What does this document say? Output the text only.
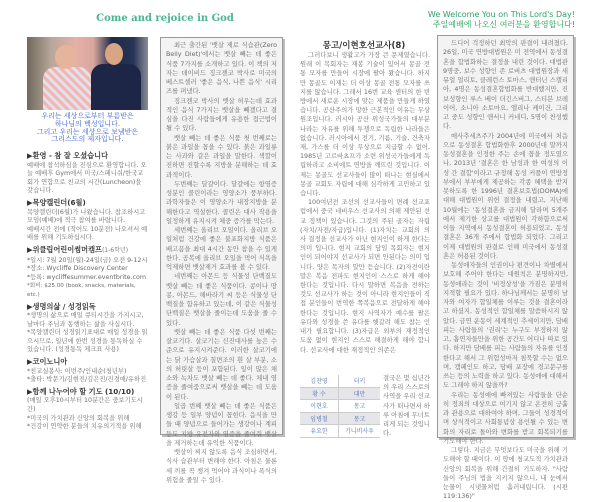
Come and rejoice in God	We Welcome You on This Lord's Day!
주일예배에 나오신 여러분을 환영합니다!
우리는 세상으로부터 부름받은
하나님의 백성입니다.
그리고 우리는 세상으로 보냄받은
그리스도의 제자입니다.
▶환영 - 참 잘 오셨습니다

예배에 참석하심을 진심으로 환영합니다. 오늘 예배후 Gym에서 미국/스페니쉬/한국교회가 연합으로 친교의 시간(Luncheon)을 갖습니다.

▶목양캘린더(6월)

목양캘린더(6월)가 나왔습니다. 참조하시고 모임(예배)에 적극 참여를 바랍니다.

예배시간 전에 (적어도 10분전) 나오셔서 예배를 위해 기도하십시다.

▶위클립어린이썸머캠프(1-6학년)

*일시: 7월 20일(월)-24일(금) 오전 9-12시

*장소: Wycliffe Discovery Center

*등록: wycliffesummer.eventbrite.com

*회비: $25.00 (book, snacks, materials, etc.)

▶생명의삶 / 성경읽독

*생명의 삶으로 매일 큐티시간을 가지시고, 날마다 주님과 동행하는 삶을 사십시다.

*목양캘린더 성경읽기표대로 매일 성경을 읽으시므로, 일년에 한번 성경을 통독하실 수 있습니다. (성경통독 체크표 사용)

▶코이노니아

*친교실봉사: 이번주/인내순(청년부)

*출타: 박문기/김현진/김은진/진경애/유하진

▶함께 나누어야 할 기도 (10/10)

(매일 오후10시부터 10분간은 중보기도시간)

*미국의 가치관과 신앙의 회복을 위해

*건강이 연약한 분들의 치유의기적을 위해

최근 출간된 '뱃살 제로 식습관(Zero Belly Diet)'에서는 뱃살 빼는 데 좋은 식품 7가지를 소개하고 있다. 이 책의 저자는 데이비드 징크젠코 박사로 미국의 베스트셀러 '좋은 음식, 나쁜 음식' 시리즈를 펴냈다.

징크젠코 박사의 뱃살 허우는데 효과적인 음식 7가지는 뱃살을 빼겠다고 결심을 다진 사람들에게 유용한 접근법이 될 수 있다.

뱃살 빼는 데 좋은 식품 첫 번째로는 붉은 과일을 꼽을 수 있다. 붉은 과일류는 사과와 같은 과일을 말한다. 색깔이 진하면 진할수록 지방을 분해하는 데 효과적이다.

두번째는 달걀이다. 달걀에는 항염증 성분인 콜린이라는 영양소가 풍부하다. 과학자들은 이 영양소가 내장지방을 분해한다고 역설한다. 콜린은 대사 작용을 일정하게 유지시켜 체중 증가를 막는다.

세번째는 올리브 오일이다. 올리브 오일처럼 건강에 좋은 불포화지방 식품은 배고픔을 최대 4시간 동안 참을 수 있게 한다. 공복에 올리브 오일을 먹어 식욕을 억제하면 뱃살제거 효과를 볼 수 있다.

네번째는 아몬드 등 식물성 단백질도 뱃살 빼는 데 좋은 식품이다. 콩이나 땅콩, 아몬드, 해바라기 씨 등은 식물성 단백질을 함유하고 있는데, 이 같은 식물성 단백질은 뱃살을 줄이는데 도움을 줄 수 있다.

뱃살 빼는 데 좋은 식품 다섯 번째는 살코기다. 살코기는 신진대사를 높은 수준으로 유지시켜준다. 이러한 살코기에는 닭 가슴살과 칠면조의 흰 살 부분, 소의 허릿살 등이 포함된다. 잎이 많은 채소와 녹차도 뱃살 빼는 데 좋다. 체내 염증을 줄여줌으로써 뱃살을 빼는 데 도움이 된다.

일곱 번째 뱃살 빼는 데 좋은 식품은 생강 등 일부 양념이 꼽힌다. 음식을 만들 때 양념으로 들어가는 생강이나 계피 등도 지방 유전자와 염증을 줄여줘 뱃살을 제거하는데 유익한 식품이다.

뱃살이 찌지 않도록 음식 조심하면서, 식사 습관부터 변해야 한다. 아침은 물론 세 끼를 꼭 챙겨 먹어야 과식이나 폭식의 위험을 줄일 수 있다.

몽고/이현호선교사(8)

그러다보니 생활고가 가장 큰 문제였습니다. 원래 이 목회자는 재봉 기술이 있어서 몽골 전통 모자를 만들어 시장에 팔아 왔습니다. 하지만 몽골도 이제는 더 이상 몽골 전통 모자를 쓰지를 않습니다. 그래서 16번 교육 센터의 한 빈 방에서 새로운 시장에 맞는 제품을 만들게 하였습니다. 공산주의가 망한 근본적인 이유는 무상원조입니다. 러시아 공산 위성국가들의 대부분 나라는 자유를 위해 투쟁으로 독립한 나라들은 없습니다. 러시아에서 전기, 기름, 기술, 건축자재, 가스를 더 이상 무상으로 지급할 수 없어, 1985년 고르바쵸프가 소련 위성국가들에게 독립하라고 소비에트 연방을 깨뜨린 것입니다. 이제는 몽골도 선교사들이 많이 떠나는 현실에서 몽골 교회도 자립에 대해 심각하게 고민하고 있습니다.

100여년전 조선의 선교사들이 면례 선교포럼에서 중국 네비우스 선교사의 의해 제안된 선교 정책이 있습니다. 그것의 주된 골자는 자립(자치/자전/자급)입니다. (1)자치는 교회의 의사 결정을 선교사가 아닌 현지인이 하게 한다는 의미 입니다. 현지 교회의 담임 목회자는 현지인이 되어야지 선교사가 되면 안된다는 의미 입니다. 양은 목자의 말만 듣습니다. (2)자전이란 말은 복음 전파도 현지인이 스스로 하게 해야 한다는 것입니다. 다시 말하면 복음을 전하는 것도 선교사가 하는 것이 아니라 현지인들이 직접 분인들이 번역한 쪽복음으로 전달하게 해야 한다는 것입니다. 현지 사역자가 예수를 팔은 유다와 성경을 쓴 유다를 헷갈려 해도 참는 인내가 필요합니다. (3)자급은 외부의 재정적인 도움 없이 현지인 스스로 해결하게 해야 합니다. 선교사에 대한 재정적인 의존은

김찬영	터키
황 수	대만
이현호	몽고
임병철	몽고
유요한	기니비사우
결국은 몇 십년간의 우리 스스로의 사역을 우리 선교사가 떠나면서 하루 아침에 무너트리게 되는 것입니다.

드디어 걱정하던 최악의 판결이 내려졌다. 26일, 미국 연방대법원은 미 전역에서 동성결혼을 합법화하는 결정을 내린 것이다. 대법관 9명중, 보수 성향인 존 로버츠 대법원장과 새뮤얼 얼리토, 클레런스 토마스, 앤터닌 스캘리아, 4명은 동성결혼합법화를 반대했지만, 진보성향인 루스 베이 더긴스버그, 스티븐 브레이어, 소니아 소토마요, 엘리나 케이건, 그리고 중도 성향인 앤서니 커네디, 5명이 찬성했다.

매사추세츠주가 2004년에 미국에서 처음으로 동성결혼 합법화한후 2000년대 말까지 동성결혼을 인정한 주는 손에 꼽을 정도였으나, 2013년 '결혼은 한 남성과 한 여성의 이성 간 결합'이라고 규정해 동성 커플이 연방정부에서 부부에게 제공하는 각종 혜택을 받지 못하도록 한 1996년 결혼보호법(DOMA)에 대해 대법원이 위헌 결정을 내렸고, 지난해 10월에는 '동성결혼을 금지해 달라며 5개주에서 제기한 상고를 대법원이 각하함으로써 이들 지역에서 동성결혼이 허용되었고, 동성결혼은 36개 주에서 합법화 되었다. 그리고 이제 대법원의 판결로 인해 미국에서 동성결혼은 허용된 것이다.

동성애자들의 인권이나 편견이나 차별에서 보호해 주어야 한다는 대원칙은 분명하지만, 동성애라는 것이 '비정상성'을 가짐은 분명히 지적할 필요가 있다. 하나님께서는 분명히 남자와 여자가 합일체를 이루는 것을 결혼이라고 하셨지, 동성적인 합일체를 말씀하시지 않았다. 금연 운동이 세계적인 추세이지만, 담배피는 사람들의 '권리'는 누구도 부정하지 않고, 흡연자들만을 위한 공간도 어디나 따로 있다. 하지만 담배를 피는 사람들의 자유를 인정한다고 해서 그 위험성마저 침묵할 수는 없으며, 캠페인도 하고, 담배 포장에 경고문구를 쓰는 등의 노력을 하고 있다. 동성애에 대해서도 그래야 하지 않을까?

우리는 동성애에 빠져있는 사람들을 단순히 정죄의 대상으로 여기지 않고 온전히 긍휼과 관용으로 대하여야 하며, 그들이 성경적이며 상식적이고 사회통념상 용인될 수 있는 변화의 자리로 돌아와 변화를 받고 회복되기를 기도해야 한다.

그렇다. 지금은 무엇보다도 미국을 위해 기도해야 할 때이다. 이 땅에 청교도적 가치관과 신앙의 회복을 위해 간절히 기도하자. "사람들이 주님의 법을 지키지 않으니, 내 눈에서 눈물이 시냇물처럼 흘러내립니다. (시편 119:136)"
